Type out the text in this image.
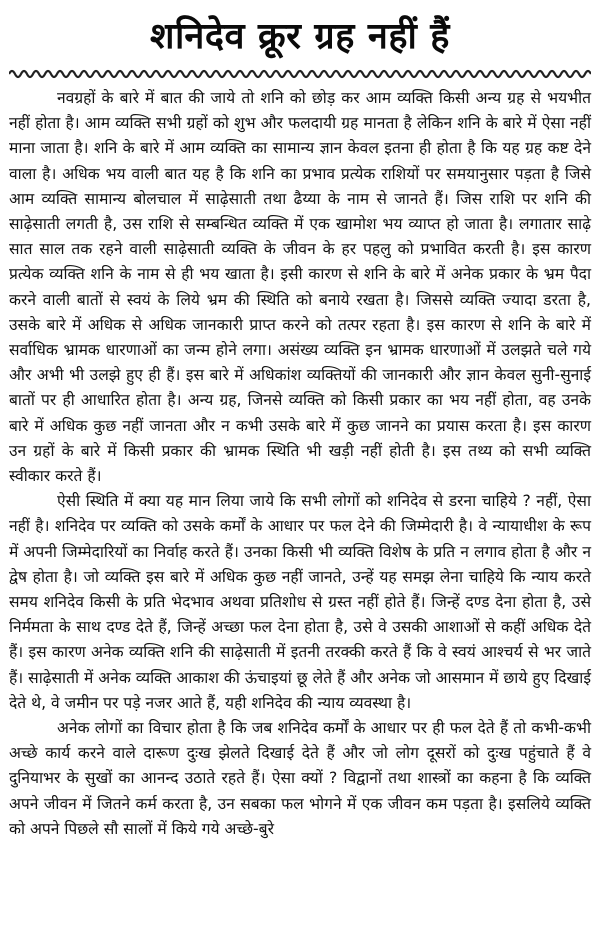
शनिदेव क्रूर ग्रह नहीं हैं

नवग्रहों के बारे में बात की जाये तो शनि को छोड़ कर आम व्यक्ति किसी अन्य ग्रह से भयभीत नहीं होता है। आम व्यक्ति सभी ग्रहों को शुभ और फलदायी ग्रह मानता है लेकिन शनि के बारे में ऐसा नहीं माना जाता है। शनि के बारे में आम व्यक्ति का सामान्य ज्ञान केवल इतना ही होता है कि यह ग्रह कष्ट देने वाला है। अधिक भय वाली बात यह है कि शनि का प्रभाव प्रत्येक राशियों पर समयानुसार पड़ता है जिसे आम व्यक्ति सामान्य बोलचाल में साढ़ेसाती तथा ढैय्या के नाम से जानते हैं। जिस राशि पर शनि की साढ़ेसाती लगती है, उस राशि से सम्बन्धित व्यक्ति में एक खामोश भय व्याप्त हो जाता है। लगातार साढ़े सात साल तक रहने वाली साढ़ेसाती व्यक्ति के जीवन के हर पहलु को प्रभावित करती है। इस कारण प्रत्येक व्यक्ति शनि के नाम से ही भय खाता है। इसी कारण से शनि के बारे में अनेक प्रकार के भ्रम पैदा करने वाली बातों से स्वयं के लिये भ्रम की स्थिति को बनाये रखता है। जिससे व्यक्ति ज्यादा डरता है, उसके बारे में अधिक से अधिक जानकारी प्राप्त करने को तत्पर रहता है। इस कारण से शनि के बारे में सर्वाधिक भ्रामक धारणाओं का जन्म होने लगा। असंख्य व्यक्ति इन भ्रामक धारणाओं में उलझते चले गये और अभी भी उलझे हुए ही हैं। इस बारे में अधिकांश व्यक्तियों की जानकारी और ज्ञान केवल सुनी-सुनाई बातों पर ही आधारित होता है। अन्य ग्रह, जिनसे व्यक्ति को किसी प्रकार का भय नहीं होता, वह उनके बारे में अधिक कुछ नहीं जानता और न कभी उसके बारे में कुछ जानने का प्रयास करता है। इस कारण उन ग्रहों के बारे में किसी प्रकार की भ्रामक स्थिति भी खड़ी नहीं होती है। इस तथ्य को सभी व्यक्ति स्वीकार करते हैं।

ऐसी स्थिति में क्या यह मान लिया जाये कि सभी लोगों को शनिदेव से डरना चाहिये ? नहीं, ऐसा नहीं है। शनिदेव पर व्यक्ति को उसके कर्मों के आधार पर फल देने की जिम्मेदारी है। वे न्यायाधीश के रूप में अपनी जिम्मेदारियों का निर्वाह करते हैं। उनका किसी भी व्यक्ति विशेष के प्रति न लगाव होता है और न द्वेष होता है। जो व्यक्ति इस बारे में अधिक कुछ नहीं जानते, उन्हें यह समझ लेना चाहिये कि न्याय करते समय शनिदेव किसी के प्रति भेदभाव अथवा प्रतिशोध से ग्रस्त नहीं होते हैं। जिन्हें दण्ड देना होता है, उसे निर्ममता के साथ दण्ड देते हैं, जिन्हें अच्छा फल देना होता है, उसे वे उसकी आशाओं से कहीं अधिक देते हैं। इस कारण अनेक व्यक्ति शनि की साढ़ेसाती में इतनी तरक्की करते हैं कि वे स्वयं आश्चर्य से भर जाते हैं। साढ़ेसाती में अनेक व्यक्ति आकाश की ऊंचाइयां छू लेते हैं और अनेक जो आसमान में छाये हुए दिखाई देते थे, वे जमीन पर पड़े नजर आते हैं, यही शनिदेव की न्याय व्यवस्था है।

अनेक लोगों का विचार होता है कि जब शनिदेव कर्मों के आधार पर ही फल देते हैं तो कभी-कभी अच्छे कार्य करने वाले दारूण दुःख झेलते दिखाई देते हैं और जो लोग दूसरों को दुःख पहुंचाते हैं वे दुनियाभर के सुखों का आनन्द उठाते रहते हैं। ऐसा क्यों ? विद्वानों तथा शास्त्रों का कहना है कि व्यक्ति अपने जीवन में जितने कर्म करता है, उन सबका फल भोगने में एक जीवन कम पड़ता है। इसलिये व्यक्ति को अपने पिछले सौ सालों में किये गये अच्छे-बुरे
